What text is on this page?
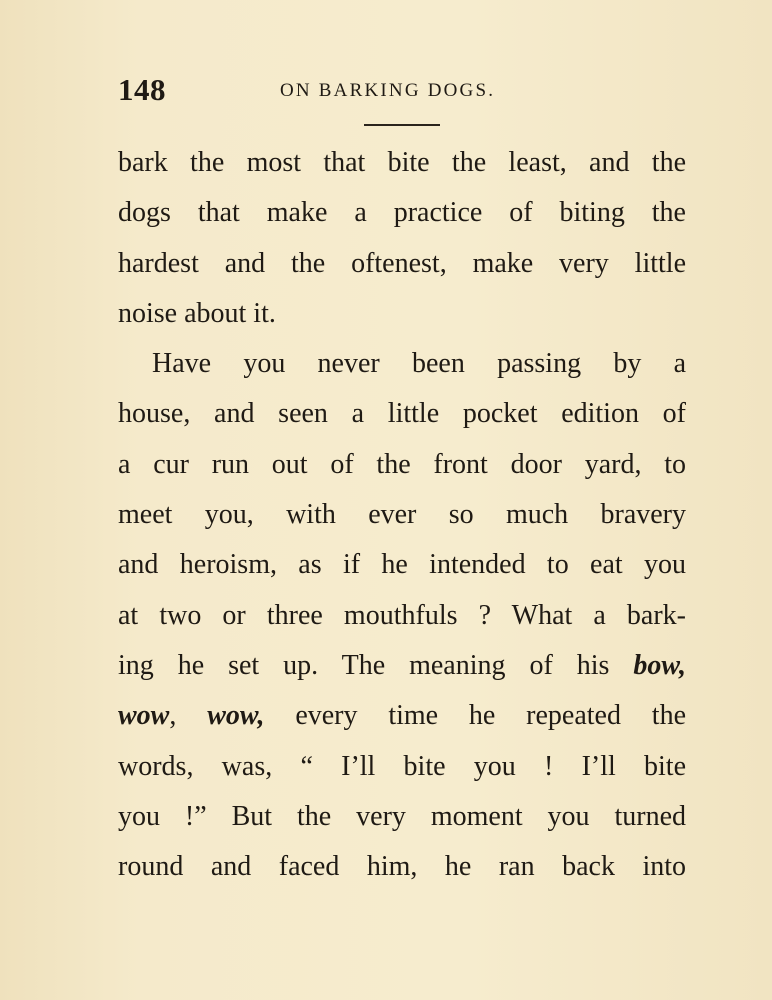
148	ON BARKING DOGS.
bark the most that bite the least, and the
dogs that make a practice of biting the
hardest and the oftenest, make very little
noise about it.
Have you never been passing by a
house, and seen a little pocket edition of
a cur run out of the front door yard, to
meet you, with ever so much bravery
and heroism, as if he intended to eat you
at two or three mouthfuls ? What a bark-
ing he set up. The meaning of his bow,
wow, wow, every time he repeated the
words, was, “ I’ll bite you ! I’ll bite
you !” But the very moment you turned
round and faced him, he ran back into
